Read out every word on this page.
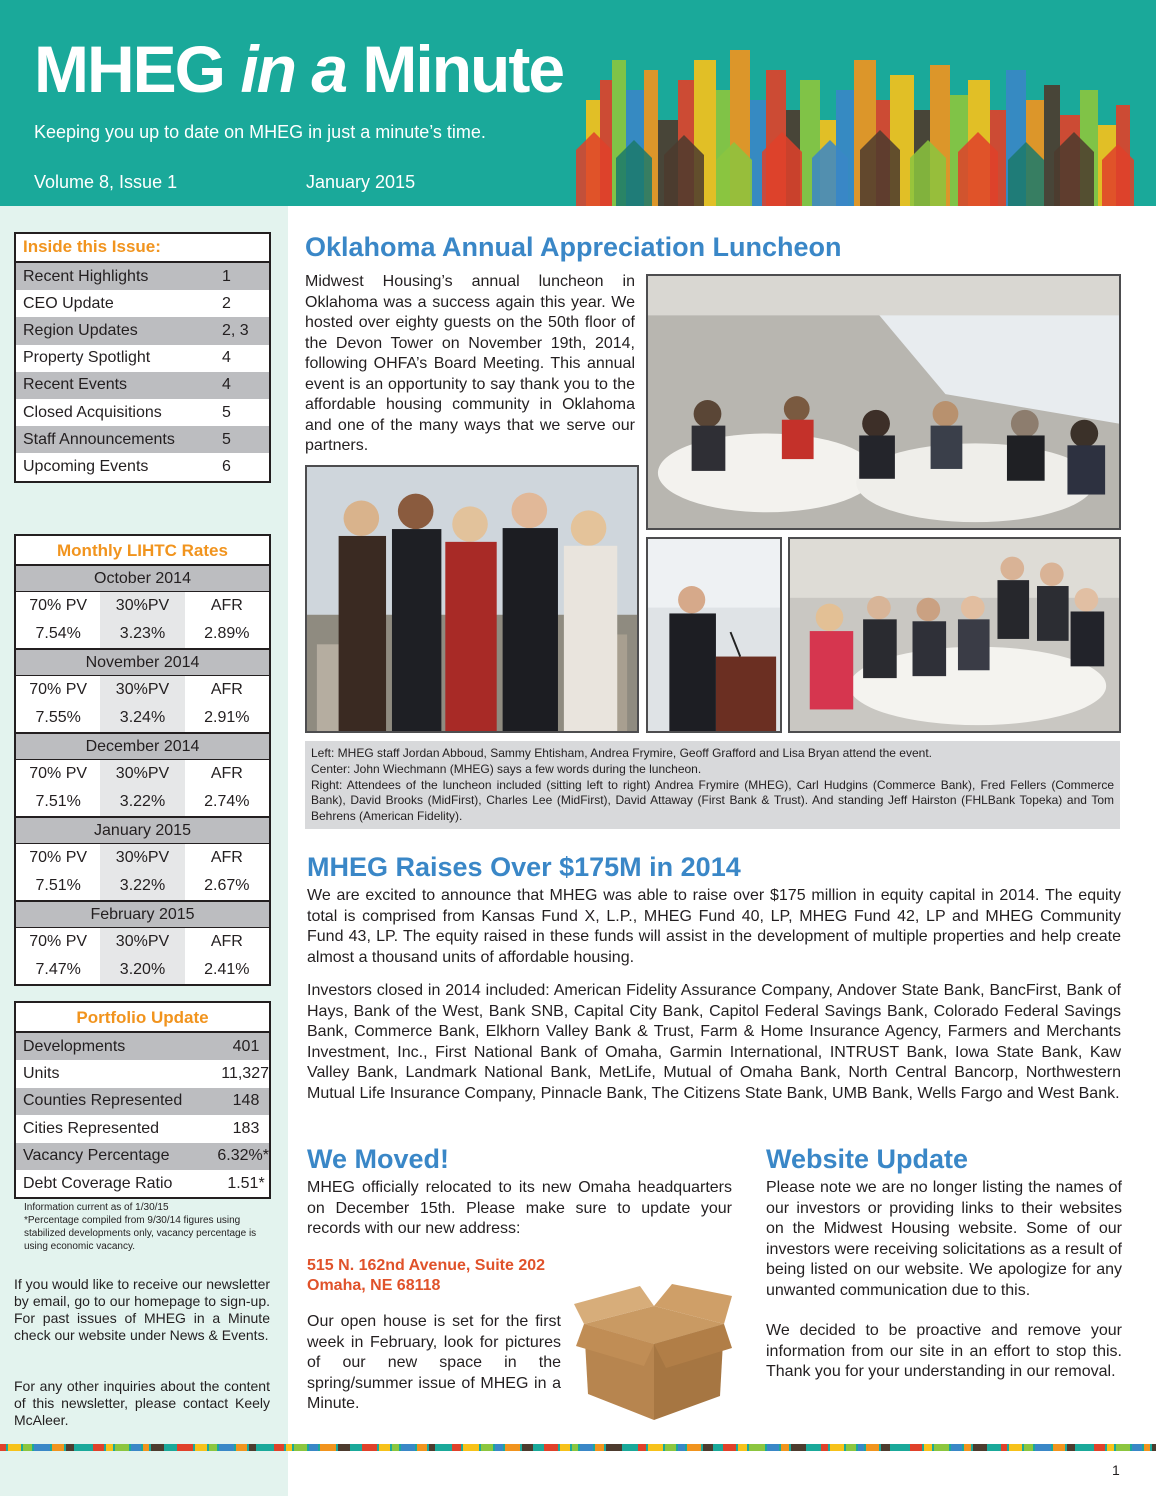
MHEG in a Minute
Keeping you up to date on MHEG in just a minute’s time.
Volume 8, Issue 1	January 2015
Inside this Issue:
Recent Highlights	1
CEO Update	2
Region Updates	2, 3
Property Spotlight	4
Recent Events	4
Closed Acquisitions	5
Staff Announcements	5
Upcoming Events	6
Monthly LIHTC Rates
October 2014
70% PV	30%PV	AFR
7.54%	3.23%	2.89%
November 2014
70% PV	30%PV	AFR
7.55%	3.24%	2.91%
December 2014
70% PV	30%PV	AFR
7.51%	3.22%	2.74%
January 2015
70% PV	30%PV	AFR
7.51%	3.22%	2.67%
February 2015
70% PV	30%PV	AFR
7.47%	3.20%	2.41%
Portfolio Update
Developments	401
Units	11,327
Counties Represented	148
Cities Represented	183
Vacancy Percentage	6.32%*
Debt Coverage Ratio	1.51*
Information current as of 1/30/15
*Percentage compiled from 9/30/14 figures using stabilized developments only, vacancy percentage is using economic vacancy.
If you would like to receive our newsletter by email, go to our homepage to sign-up. For past issues of MHEG in a Minute check our website under News & Events.
For any other inquiries about the content of this newsletter, please contact Keely McAleer.
Oklahoma Annual Appreciation Luncheon
Midwest Housing’s annual luncheon in Oklahoma was a success again this year. We hosted over eighty guests on the 50th floor of the Devon Tower on November 19th, 2014, following OHFA’s Board Meeting. This annual event is an opportunity to say thank you to the affordable housing community in Oklahoma and one of the many ways that we serve our partners.
Left: MHEG staff Jordan Abboud, Sammy Ehtisham, Andrea Frymire, Geoff Grafford and Lisa Bryan attend the event.
Center: John Wiechmann (MHEG) says a few words during the luncheon.
Right: Attendees of the luncheon included (sitting left to right) Andrea Frymire (MHEG), Carl Hudgins (Commerce Bank), Fred Fellers (Commerce Bank), David Brooks (MidFirst), Charles Lee (MidFirst), David Attaway (First Bank & Trust). And standing Jeff Hairston (FHLBank Topeka) and Tom Behrens (American Fidelity).
MHEG Raises Over $175M in 2014
We are excited to announce that MHEG was able to raise over $175 million in equity capital in 2014. The equity total is comprised from Kansas Fund X, L.P., MHEG Fund 40, LP, MHEG Fund 42, LP and MHEG Community Fund 43, LP. The equity raised in these funds will assist in the development of multiple properties and help create almost a thousand units of affordable housing.
Investors closed in 2014 included: American Fidelity Assurance Company, Andover State Bank, BancFirst, Bank of Hays, Bank of the West, Bank SNB, Capital City Bank, Capitol Federal Savings Bank, Colorado Federal Savings Bank, Commerce Bank, Elkhorn Valley Bank & Trust, Farm & Home Insurance Agency, Farmers and Merchants Investment, Inc., First National Bank of Omaha, Garmin International, INTRUST Bank, Iowa State Bank, Kaw Valley Bank, Landmark National Bank, MetLife, Mutual of Omaha Bank, North Central Bancorp, Northwestern Mutual Life Insurance Company, Pinnacle Bank, The Citizens State Bank, UMB Bank, Wells Fargo and West Bank.
We Moved!
MHEG officially relocated to its new Omaha headquarters on December 15th. Please make sure to update your records with our new address:
515 N. 162nd Avenue, Suite 202
Omaha, NE 68118
Our open house is set for the first week in February, look for pictures of our new space in the spring/summer issue of MHEG in a Minute.
Website Update
Please note we are no longer listing the names of our investors or providing links to their websites on the Midwest Housing website. Some of our investors were receiving solicitations as a result of being listed on our website. We apologize for any unwanted communication due to this.
We decided to be proactive and remove your information from our site in an effort to stop this. Thank you for your understanding in our removal.
1
